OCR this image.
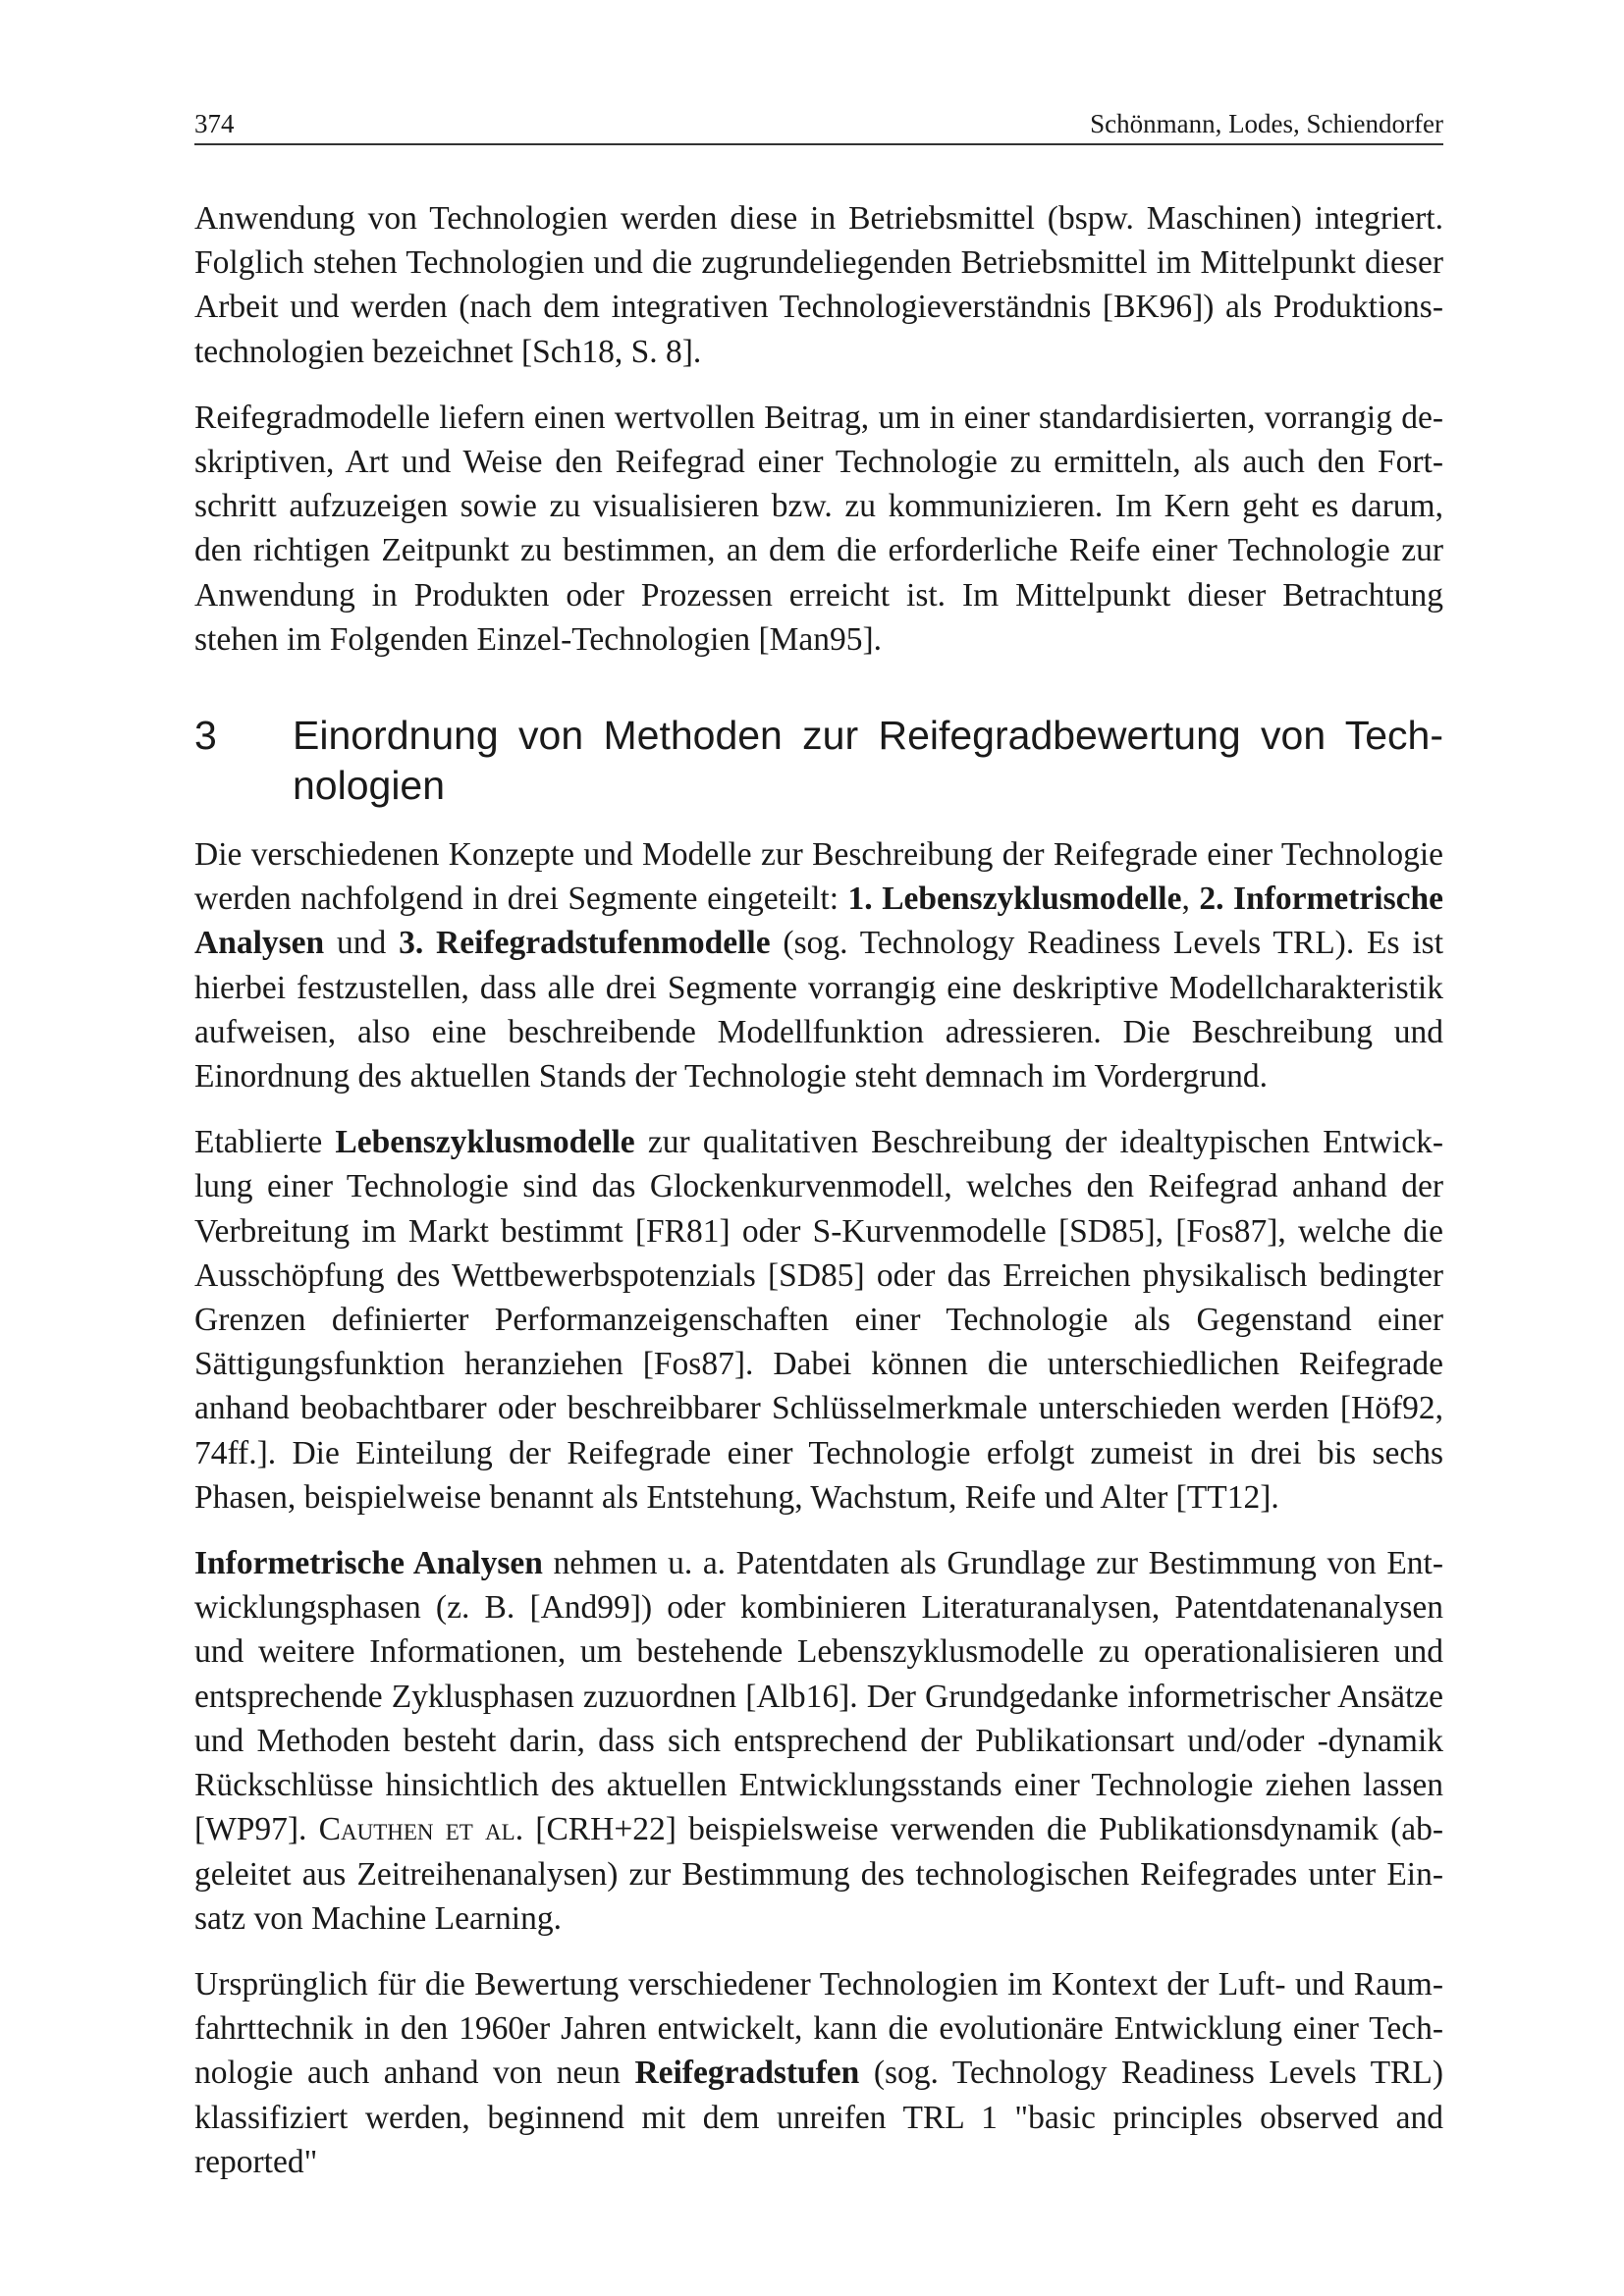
374	Schönmann, Lodes, Schiendorfer

Anwendung von Technologien werden diese in Betriebsmittel (bspw. Maschinen) integriert. Folglich stehen Technologien und die zugrundeliegenden Betriebsmittel im Mittelpunkt dieser Arbeit und werden (nach dem integrativen Technologieverständnis [BK96]) als Produktionstechnologien bezeichnet [Sch18, S. 8].

Reifegradmodelle liefern einen wertvollen Beitrag, um in einer standardisierten, vorrangig deskriptiven, Art und Weise den Reifegrad einer Technologie zu ermitteln, als auch den Fortschritt aufzuzeigen sowie zu visualisieren bzw. zu kommunizieren. Im Kern geht es darum, den richtigen Zeitpunkt zu bestimmen, an dem die erforderliche Reife einer Technologie zur Anwendung in Produkten oder Prozessen erreicht ist. Im Mittelpunkt dieser Betrachtung stehen im Folgenden Einzel-Technologien [Man95].

3	Einordnung von Methoden zur Reifegradbewertung von Technologien

Die verschiedenen Konzepte und Modelle zur Beschreibung der Reifegrade einer Technologie werden nachfolgend in drei Segmente eingeteilt: 1. Lebenszyklusmodelle, 2. Informetrische Analysen und 3. Reifegradstufenmodelle (sog. Technology Readiness Levels TRL). Es ist hierbei festzustellen, dass alle drei Segmente vorrangig eine deskriptive Modellcharakteristik aufweisen, also eine beschreibende Modellfunktion adressieren. Die Beschreibung und Einordnung des aktuellen Stands der Technologie steht demnach im Vordergrund.

Etablierte Lebenszyklusmodelle zur qualitativen Beschreibung der idealtypischen Entwicklung einer Technologie sind das Glockenkurvenmodell, welches den Reifegrad anhand der Verbreitung im Markt bestimmt [FR81] oder S-Kurvenmodelle [SD85], [Fos87], welche die Ausschöpfung des Wettbewerbspotenzials [SD85] oder das Erreichen physikalisch bedingter Grenzen definierter Performanzeigenschaften einer Technologie als Gegenstand einer Sättigungsfunktion heranziehen [Fos87]. Dabei können die unterschiedlichen Reifegrade anhand beobachtbarer oder beschreibbarer Schlüsselmerkmale unterschieden werden [Höf92, 74ff.]. Die Einteilung der Reifegrade einer Technologie erfolgt zumeist in drei bis sechs Phasen, beispielweise benannt als Entstehung, Wachstum, Reife und Alter [TT12].

Informetrische Analysen nehmen u. a. Patentdaten als Grundlage zur Bestimmung von Entwicklungsphasen (z. B. [And99]) oder kombinieren Literaturanalysen, Patentdatenanalysen und weitere Informationen, um bestehende Lebenszyklusmodelle zu operationalisieren und entsprechende Zyklusphasen zuzuordnen [Alb16]. Der Grundgedanke informetrischer Ansätze und Methoden besteht darin, dass sich entsprechend der Publikationsart und/oder -dynamik Rückschlüsse hinsichtlich des aktuellen Entwicklungsstands einer Technologie ziehen lassen [WP97]. Cauthen et al. [CRH+22] beispielsweise verwenden die Publikationsdynamik (abgeleitet aus Zeitreihenanalysen) zur Bestimmung des technologischen Reifegrades unter Einsatz von Machine Learning.

Ursprünglich für die Bewertung verschiedener Technologien im Kontext der Luft- und Raumfahrttechnik in den 1960er Jahren entwickelt, kann die evolutionäre Entwicklung einer Technologie auch anhand von neun Reifegradstufen (sog. Technology Readiness Levels TRL) klassifiziert werden, beginnend mit dem unreifen TRL 1 "basic principles observed and reported"
